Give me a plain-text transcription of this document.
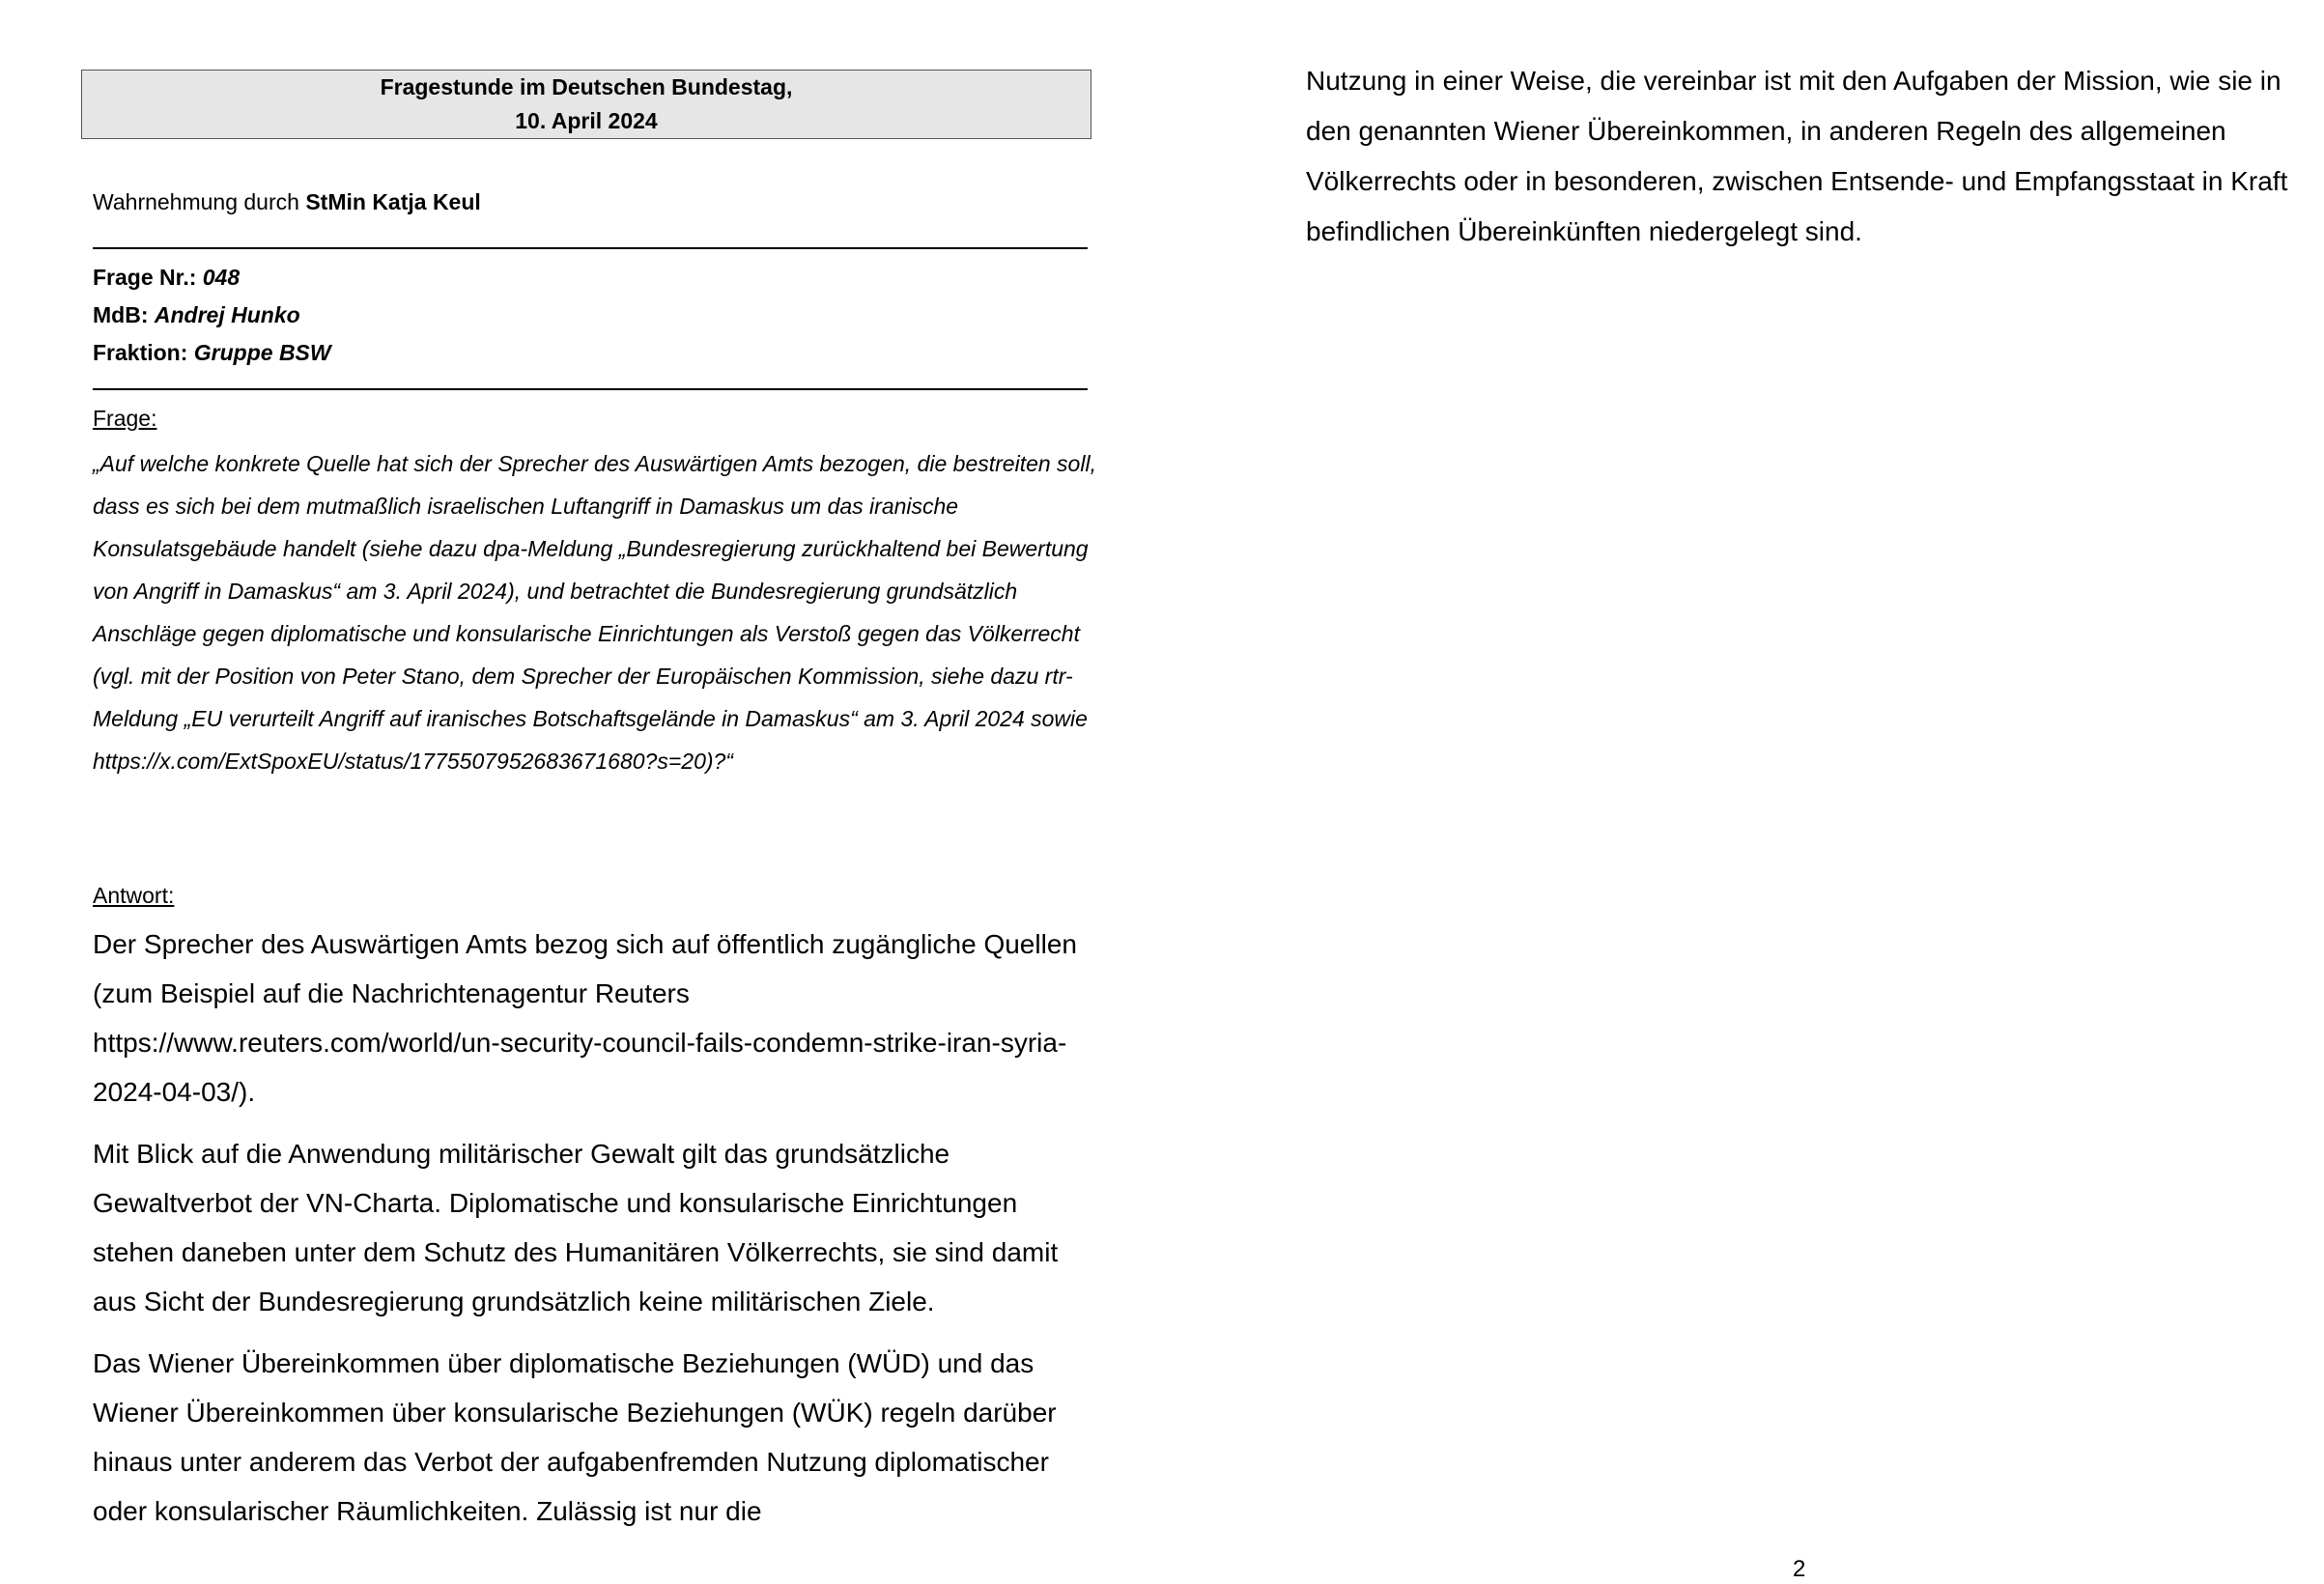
Fragestunde im Deutschen Bundestag,
10. April 2024
Wahrnehmung durch StMin Katja Keul
Frage Nr.: 048
MdB: Andrej Hunko
Fraktion: Gruppe BSW
Frage:
„Auf welche konkrete Quelle hat sich der Sprecher des Auswärtigen Amts bezogen, die bestreiten soll, dass es sich bei dem mutmaßlich israelischen Luftangriff in Damaskus um das iranische Konsulatsgebäude handelt (siehe dazu dpa-Meldung „Bundesregierung zurückhaltend bei Bewertung von Angriff in Damaskus“ am 3. April 2024), und betrachtet die Bundesregierung grundsätzlich Anschläge gegen diplomatische und konsularische Einrichtungen als Verstoß gegen das Völkerrecht (vgl. mit der Position von Peter Stano, dem Sprecher der Europäischen Kommission, siehe dazu rtr-Meldung „EU verurteilt Angriff auf iranisches Botschaftsgelände in Damaskus“ am 3. April 2024 sowie https://x.com/ExtSpoxEU/status/1775507952683671680?s=20)?“
Antwort:

Der Sprecher des Auswärtigen Amts bezog sich auf öffentlich zugängliche Quellen (zum Beispiel auf die Nachrichtenagentur Reuters https://www.reuters.com/world/un-security-council-fails-condemn-strike-iran-syria-2024-04-03/).

Mit Blick auf die Anwendung militärischer Gewalt gilt das grundsätzliche Gewaltverbot der VN-Charta. Diplomatische und konsularische Einrichtungen stehen daneben unter dem Schutz des Humanitären Völkerrechts, sie sind damit aus Sicht der Bundesregierung grundsätzlich keine militärischen Ziele.

Das Wiener Übereinkommen über diplomatische Beziehungen (WÜD) und das Wiener Übereinkommen über konsularische Beziehungen (WÜK) regeln darüber hinaus unter anderem das Verbot der aufgabenfremden Nutzung diplomatischer oder konsularischer Räumlichkeiten. Zulässig ist nur die

Nutzung in einer Weise, die vereinbar ist mit den Aufgaben der Mission, wie sie in den genannten Wiener Übereinkommen, in anderen Regeln des allgemeinen Völkerrechts oder in besonderen, zwischen Entsende- und Empfangsstaat in Kraft befindlichen Übereinkünften niedergelegt sind.

2
